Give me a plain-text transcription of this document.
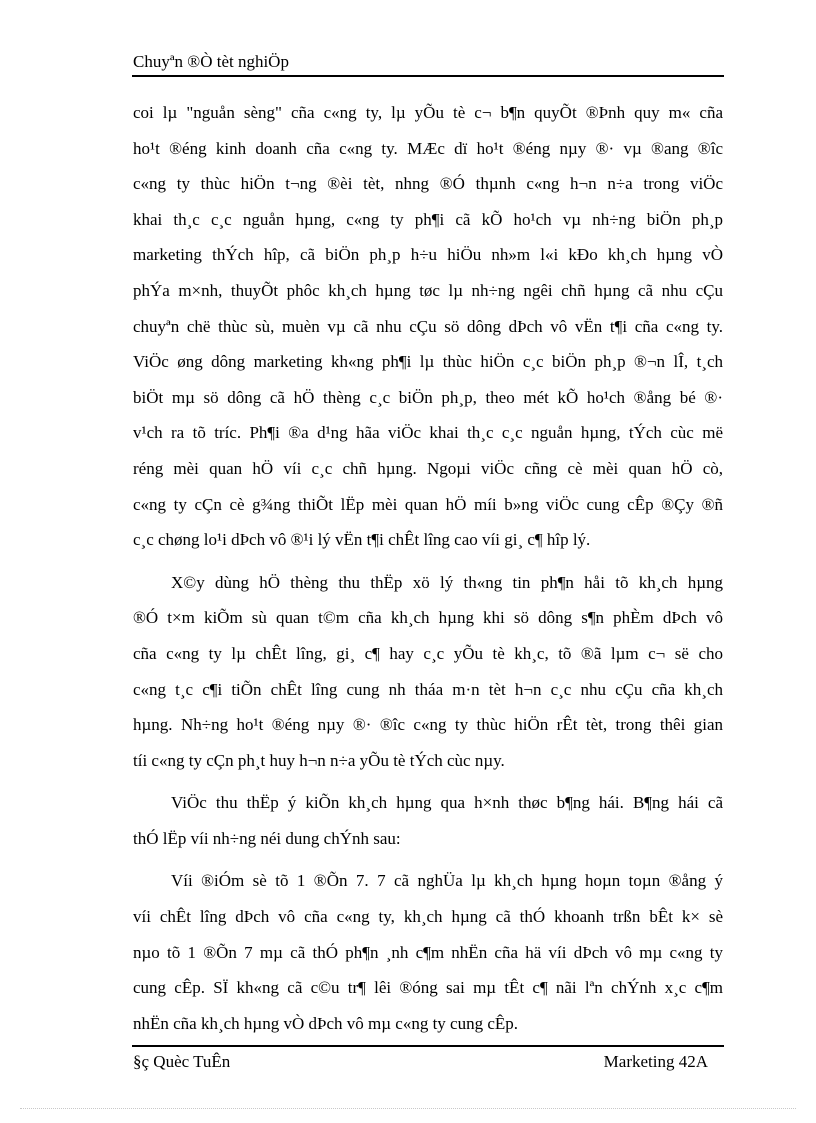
Chuyªn ®Ò tèt nghiÖp

coi lµ "nguån sèng" cña c«ng ty, lµ yÕu tè c¬ b¶n quyÕt ®Þnh quy m« cña
ho¹t ®éng kinh doanh cña c«ng ty. MÆc dï ho¹t ®éng nµy ®· vµ ®ang ®îc
c«ng ty thùc hiÖn t¬ng ®èi tèt, nhng ®Ó thµnh c«ng h¬n n÷a trong viÖc
khai th¸c c¸c nguån hµng, c«ng ty ph¶i cã kÕ ho¹ch vµ nh÷ng biÖn ph¸p
marketing thÝch hîp, cã biÖn ph¸p h÷u hiÖu nh»m l«i kÐo kh¸ch hµng vÒ
phÝa m×nh, thuyÕt phôc kh¸ch hµng tøc lµ nh÷ng ngêi chñ hµng cã nhu cÇu
chuyªn chë thùc sù, muèn vµ cã nhu cÇu sö dông dÞch vô vËn t¶i cña c«ng ty.
ViÖc øng dông marketing kh«ng ph¶i lµ thùc hiÖn c¸c biÖn ph¸p ®¬n lÎ, t¸ch
biÖt mµ sö dông cã hÖ thèng c¸c biÖn ph¸p, theo mét kÕ ho¹ch ®ång bé ®·
v¹ch ra tõ tríc. Ph¶i ®a d¹ng hãa viÖc khai th¸c c¸c nguån hµng, tÝch cùc më
réng mèi quan hÖ víi c¸c chñ hµng. Ngoµi viÖc cñng cè mèi quan hÖ cò,
c«ng ty cÇn cè g¾ng thiÕt lËp mèi quan hÖ míi b»ng viÖc cung cÊp ®Çy ®ñ
c¸c chøng lo¹i dÞch vô ®¹i lý vËn t¶i chÊt lîng cao víi gi¸ c¶ hîp lý.

X©y dùng hÖ thèng thu thËp xö lý th«ng tin ph¶n håi tõ kh¸ch hµng
®Ó t×m kiÕm sù quan t©m cña kh¸ch hµng khi sö dông s¶n phÈm dÞch vô
cña c«ng ty lµ chÊt lîng, gi¸ c¶ hay c¸c yÕu tè kh¸c, tõ ®ã lµm c¬ së cho
c«ng t¸c c¶i tiÕn chÊt lîng cung nh tháa m·n tèt h¬n c¸c nhu cÇu cña kh¸ch
hµng. Nh÷ng ho¹t ®éng nµy ®· ®îc c«ng ty thùc hiÖn rÊt tèt, trong thêi gian
tíi c«ng ty cÇn ph¸t huy h¬n n÷a yÕu tè tÝch cùc nµy.

ViÖc thu thËp ý kiÕn kh¸ch hµng qua h×nh thøc b¶ng hái. B¶ng hái cã
thÓ lËp víi nh÷ng néi dung chÝnh sau:

Víi ®iÓm sè tõ 1 ®Õn 7. 7 cã nghÜa lµ kh¸ch hµng hoµn toµn ®ång ý
víi chÊt lîng dÞch vô cña c«ng ty, kh¸ch hµng cã thÓ khoanh trßn bÊt k× sè
nµo tõ 1 ®Õn 7 mµ cã thÓ ph¶n ¸nh c¶m nhËn cña hä víi dÞch vô mµ c«ng ty
cung cÊp. SÏ kh«ng cã c©u tr¶ lêi ®óng sai mµ tÊt c¶ nãi lªn chÝnh x¸c c¶m
nhËn cña kh¸ch hµng vÒ dÞch vô mµ c«ng ty cung cÊp.

§ç Quèc TuÊn	Marketing 42A
